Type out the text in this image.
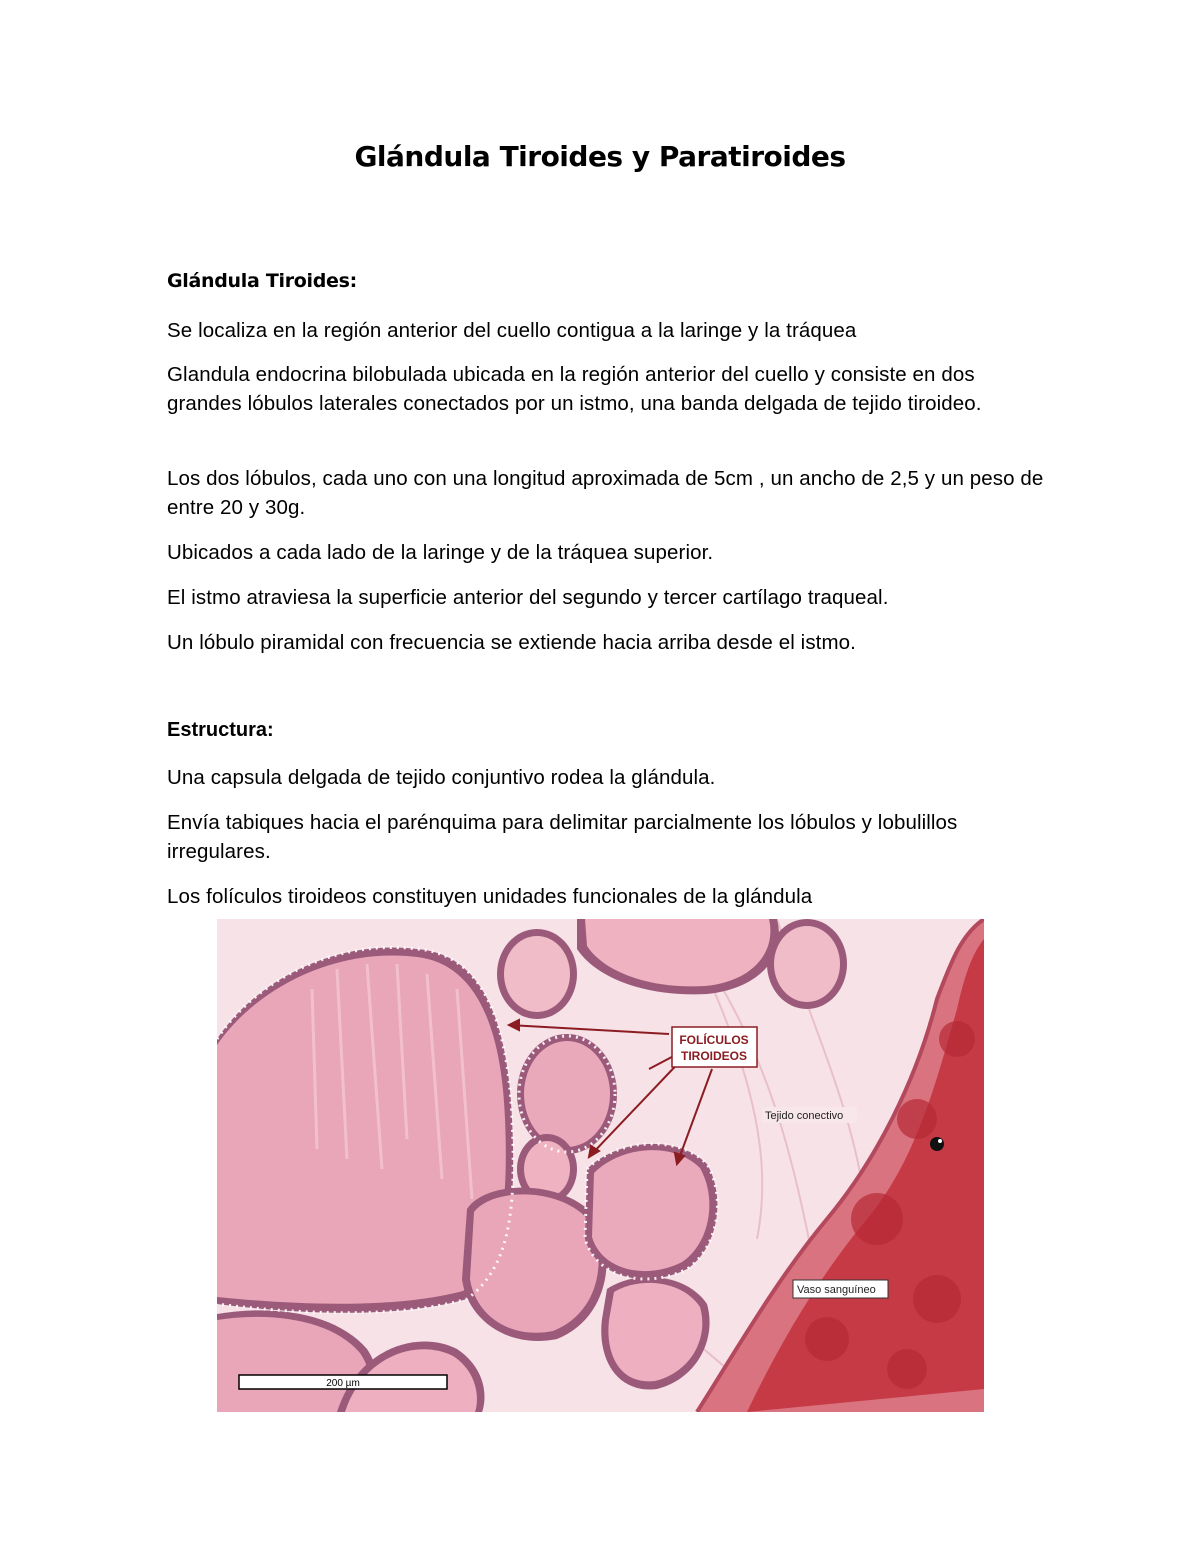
Glándula Tiroides y Paratiroides
Glándula Tiroides:
Se localiza en la región anterior del cuello contigua a la laringe y la tráquea
Glandula endocrina bilobulada ubicada en la región anterior del cuello y consiste en dos grandes lóbulos laterales conectados por un istmo, una banda delgada de tejido tiroideo.
Los dos lóbulos, cada uno con una longitud aproximada de 5cm , un ancho de 2,5 y un peso de entre 20 y 30g.
Ubicados a cada lado de la laringe y de la tráquea superior.
El istmo atraviesa la superficie anterior del segundo y tercer cartílago traqueal.
Un lóbulo piramidal con frecuencia se extiende hacia arriba desde el istmo.
Estructura:
Una capsula delgada de tejido conjuntivo rodea la glándula.
Envía tabiques hacia el parénquima para delimitar parcialmente los lóbulos y lobulillos irregulares.
Los folículos tiroideos constituyen unidades funcionales de la glándula
FOLÍCULOS
TIROIDEOS
Tejido conectivo
Vaso sanguíneo
200 µm
